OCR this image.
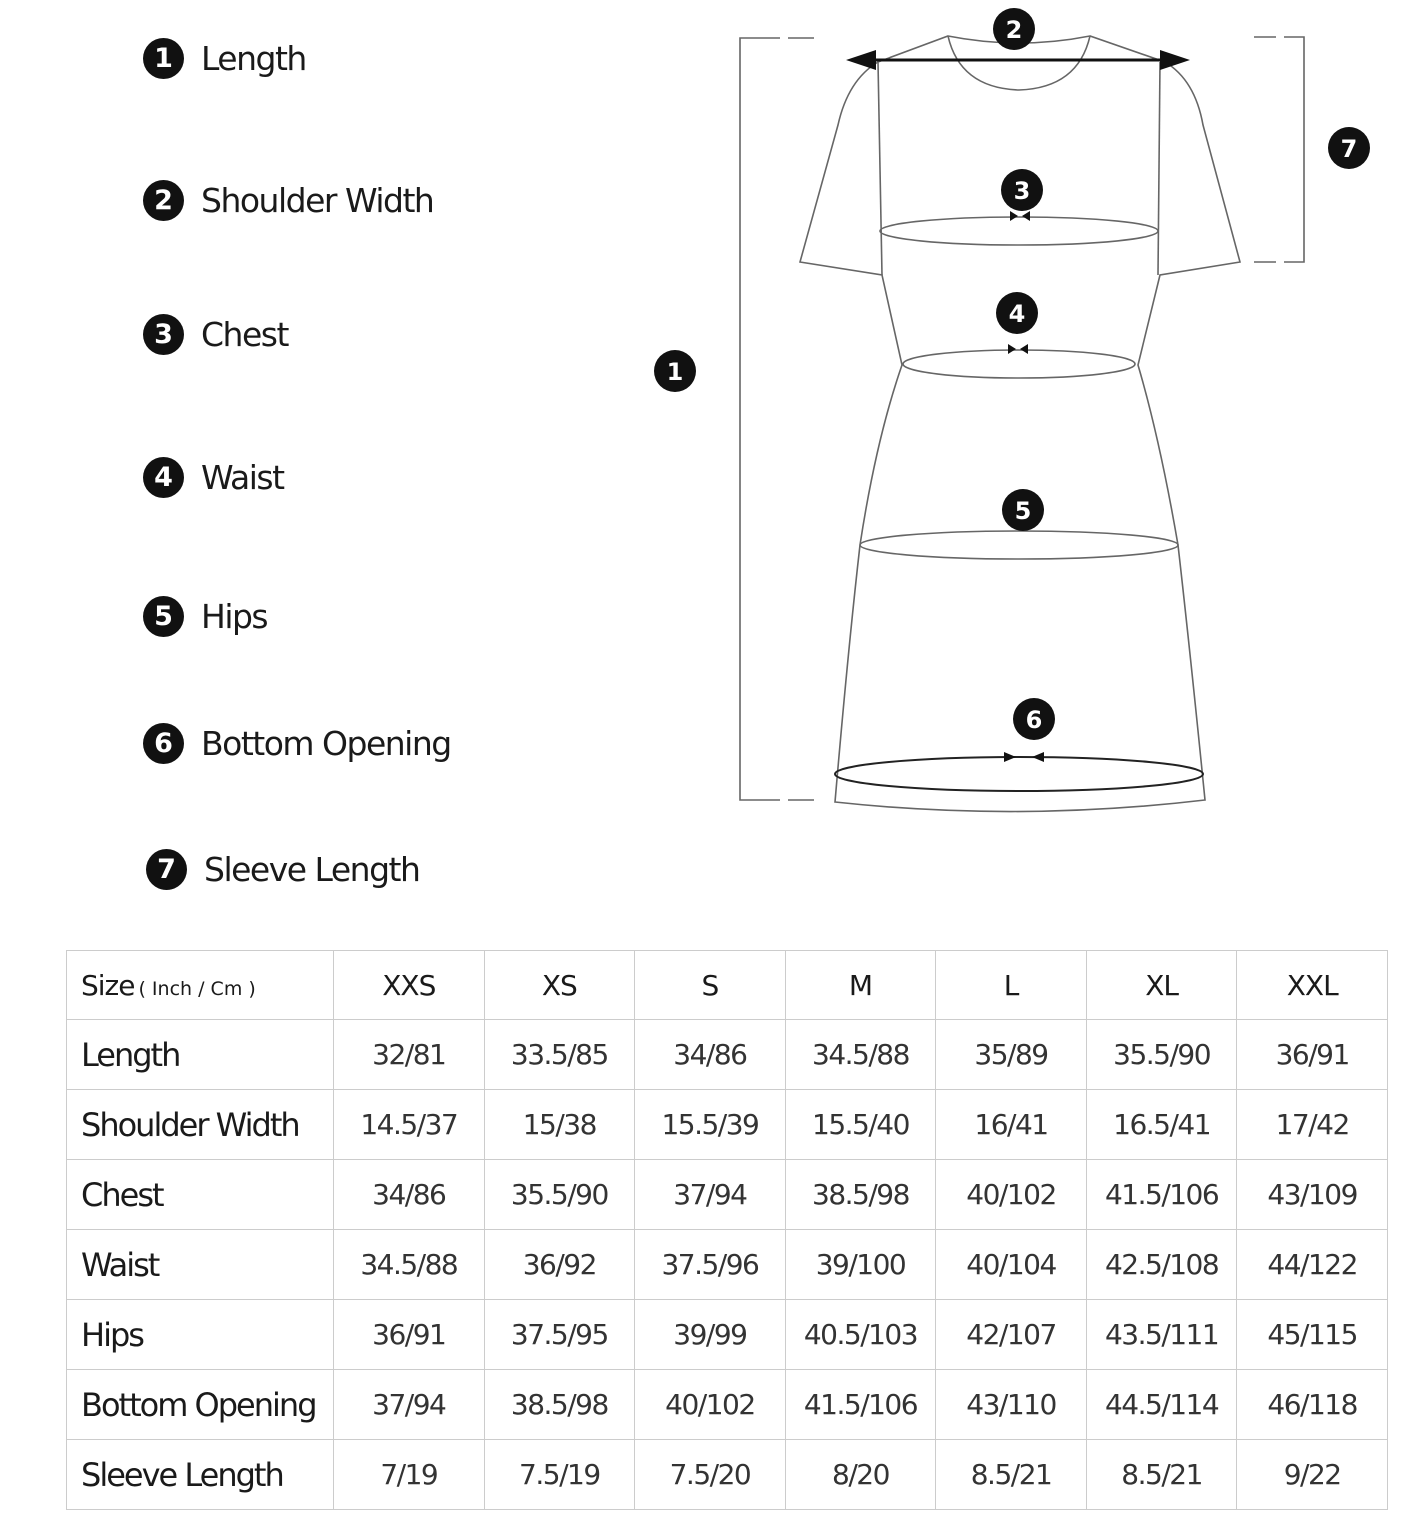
1 Length
2 Shoulder Width
3 Chest
4 Waist
5 Hips
6 Bottom Opening
7 Sleeve Length
1
2
3
4
5
6
7
Size ( Inch / Cm )	XXS	XS	S	M	L	XL	XXL
Length	32/81	33.5/85	34/86	34.5/88	35/89	35.5/90	36/91
Shoulder Width	14.5/37	15/38	15.5/39	15.5/40	16/41	16.5/41	17/42
Chest	34/86	35.5/90	37/94	38.5/98	40/102	41.5/106	43/109
Waist	34.5/88	36/92	37.5/96	39/100	40/104	42.5/108	44/122
Hips	36/91	37.5/95	39/99	40.5/103	42/107	43.5/111	45/115
Bottom Opening	37/94	38.5/98	40/102	41.5/106	43/110	44.5/114	46/118
Sleeve Length	7/19	7.5/19	7.5/20	8/20	8.5/21	8.5/21	9/22
